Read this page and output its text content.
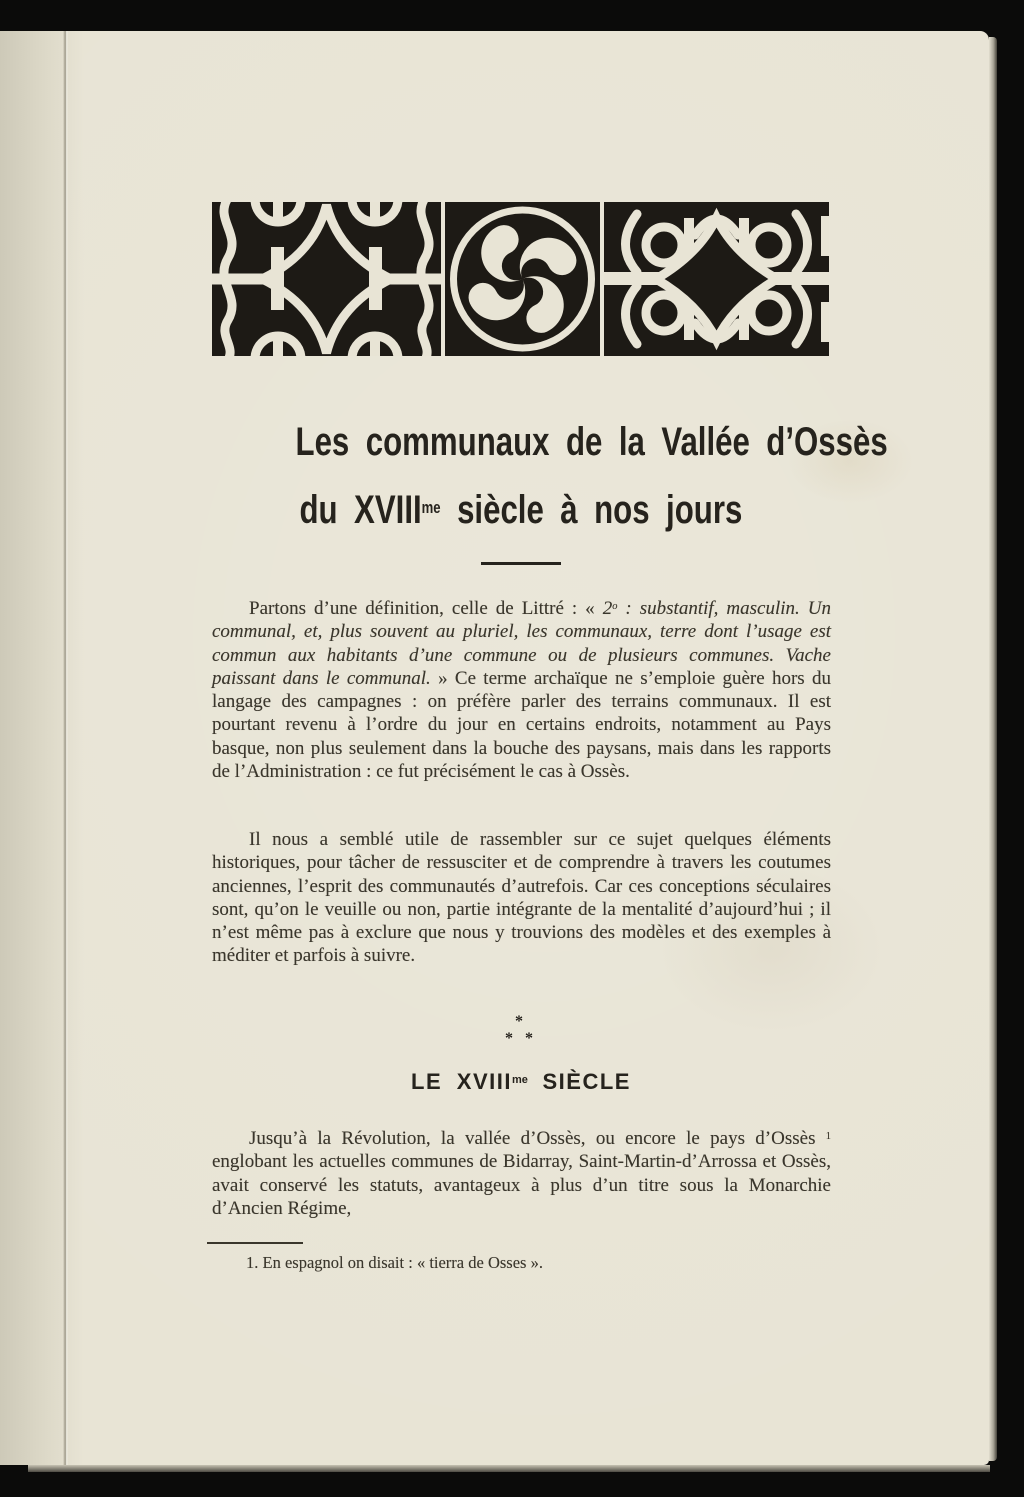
Les communaux de la Vallée d’Ossès
du $XVIII^{me}$ siècle à nos jours

Partons d’une définition, celle de Littré : « 2$^o$ : substantif, masculin. Un communal, et, plus souvent au pluriel, les communaux, terre dont l’usage est commun aux habitants d’une commune ou de plusieurs communes. Vache paissant dans le communal. » Ce terme archaïque ne s’emploie guère hors du langage des campagnes : on préfère parler des terrains communaux. Il est pourtant revenu à l’ordre du jour en certains endroits, notamment au Pays basque, non plus seulement dans la bouche des paysans, mais dans les rapports de l’Administration : ce fut précisément le cas à Ossès.

Il nous a semblé utile de rassembler sur ce sujet quelques éléments historiques, pour tâcher de ressusciter et de comprendre à travers les coutumes anciennes, l’esprit des communautés d’autrefois. Car ces conceptions séculaires sont, qu’on le veuille ou non, partie intégrante de la mentalité d’aujourd’hui ; il n’est même pas à exclure que nous y trouvions des modèles et des exemples à méditer et parfois à suivre.

*
* *
LE $XVIII^{me}$ SIÈCLE

Jusqu’à la Révolution, la vallée d’Ossès, ou encore le pays d’Ossès $^1$ englobant les actuelles communes de Bidarray, Saint-Martin-d’Arrossa et Ossès, avait conservé les statuts, avantageux à plus d’un titre sous la Monarchie d’Ancien Régime,

1. En espagnol on disait : « tierra de Osses ».
